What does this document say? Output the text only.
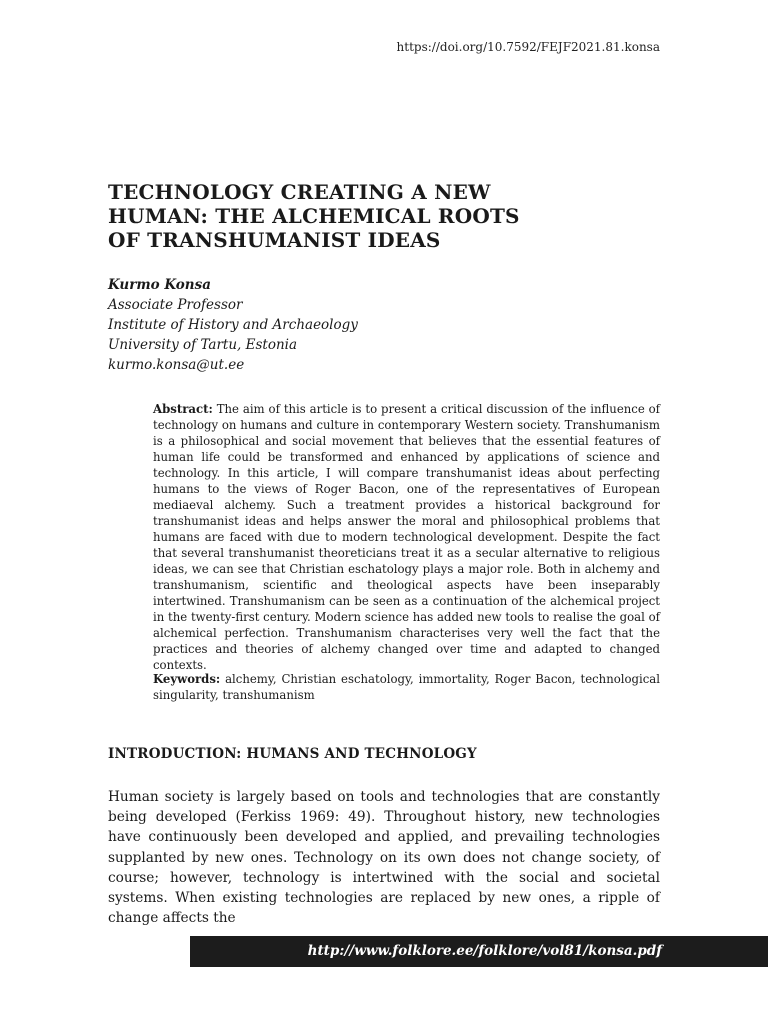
https://doi.org/10.7592/FEJF2021.81.konsa
TECHNOLOGY CREATING A NEW
HUMAN: THE ALCHEMICAL ROOTS
OF TRANSHUMANIST IDEAS
Kurmo Konsa
Associate Professor
Institute of History and Archaeology
University of Tartu, Estonia
kurmo.konsa@ut.ee

Abstract: The aim of this article is to present a critical discussion of the influence of technology on humans and culture in contemporary Western society. Transhumanism is a philosophical and social movement that believes that the essential features of human life could be transformed and enhanced by applications of science and technology. In this article, I will compare transhumanist ideas about perfecting humans to the views of Roger Bacon, one of the representatives of European mediaeval alchemy. Such a treatment provides a historical background for transhumanist ideas and helps answer the moral and philosophical problems that humans are faced with due to modern technological development. Despite the fact that several transhumanist theoreticians treat it as a secular alternative to religious ideas, we can see that Christian eschatology plays a major role. Both in alchemy and transhumanism, scientific and theological aspects have been inseparably intertwined. Transhumanism can be seen as a continuation of the alchemical project in the twenty-first century. Modern science has added new tools to realise the goal of alchemical perfection. Transhumanism characterises very well the fact that the practices and theories of alchemy changed over time and adapted to changed contexts.

Keywords: alchemy, Christian eschatology, immortality, Roger Bacon, technological singularity, transhumanism

INTRODUCTION: HUMANS AND TECHNOLOGY

Human society is largely based on tools and technologies that are constantly being developed (Ferkiss 1969: 49). Throughout history, new technologies have continuously been developed and applied, and prevailing technologies supplanted by new ones. Technology on its own does not change society, of course; however, technology is intertwined with the social and societal systems. When existing technologies are replaced by new ones, a ripple of change affects the

http://www.folklore.ee/folklore/vol81/konsa.pdf
